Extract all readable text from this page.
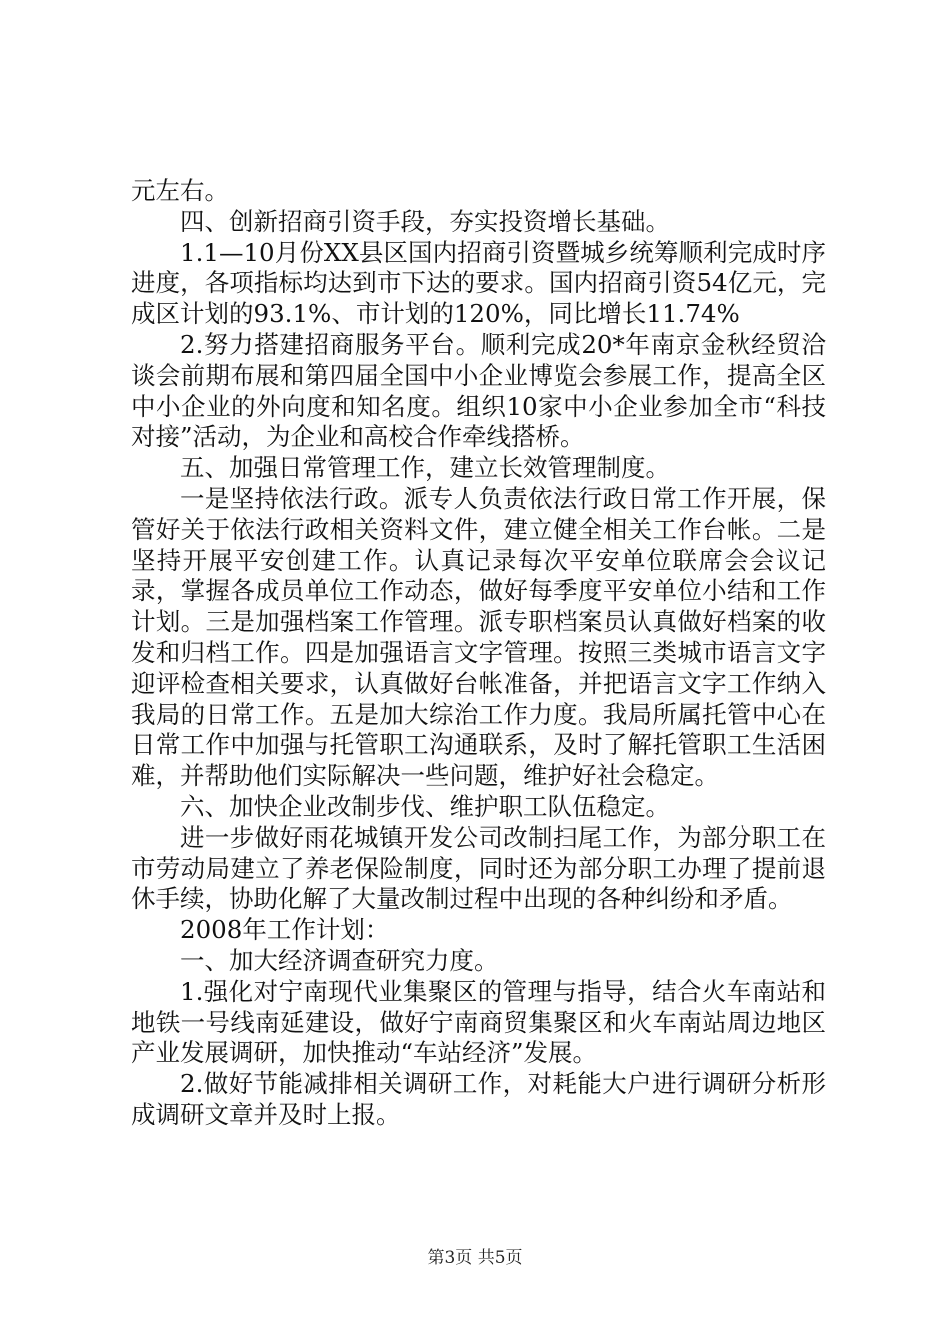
元左右。

四、创新招商引资手段，夯实投资增长基础。

1.1—10月份XX县区国内招商引资暨城乡统筹顺利完成时序进度，各项指标均达到市下达的要求。国内招商引资54亿元，完成区计划的93.1%、市计划的120%，同比增长11.74%

2.努力搭建招商服务平台。顺利完成20*年南京金秋经贸洽谈会前期布展和第四届全国中小企业博览会参展工作，提高全区中小企业的外向度和知名度。组织10家中小企业参加全市“科技对接”活动，为企业和高校合作牵线搭桥。

五、加强日常管理工作，建立长效管理制度。

一是坚持依法行政。派专人负责依法行政日常工作开展，保管好关于依法行政相关资料文件，建立健全相关工作台帐。二是坚持开展平安创建工作。认真记录每次平安单位联席会会议记录，掌握各成员单位工作动态，做好每季度平安单位小结和工作计划。三是加强档案工作管理。派专职档案员认真做好档案的收发和归档工作。四是加强语言文字管理。按照三类城市语言文字迎评检查相关要求，认真做好台帐准备，并把语言文字工作纳入我局的日常工作。五是加大综治工作力度。我局所属托管中心在日常工作中加强与托管职工沟通联系，及时了解托管职工生活困难，并帮助他们实际解决一些问题，维护好社会稳定。

六、加快企业改制步伐、维护职工队伍稳定。

进一步做好雨花城镇开发公司改制扫尾工作，为部分职工在市劳动局建立了养老保险制度，同时还为部分职工办理了提前退休手续，协助化解了大量改制过程中出现的各种纠纷和矛盾。

2008年工作计划：

一、加大经济调查研究力度。

1.强化对宁南现代业集聚区的管理与指导，结合火车南站和地铁一号线南延建设，做好宁南商贸集聚区和火车南站周边地区产业发展调研，加快推动“车站经济”发展。

2.做好节能减排相关调研工作，对耗能大户进行调研分析形成调研文章并及时上报。

第3页 共5页
